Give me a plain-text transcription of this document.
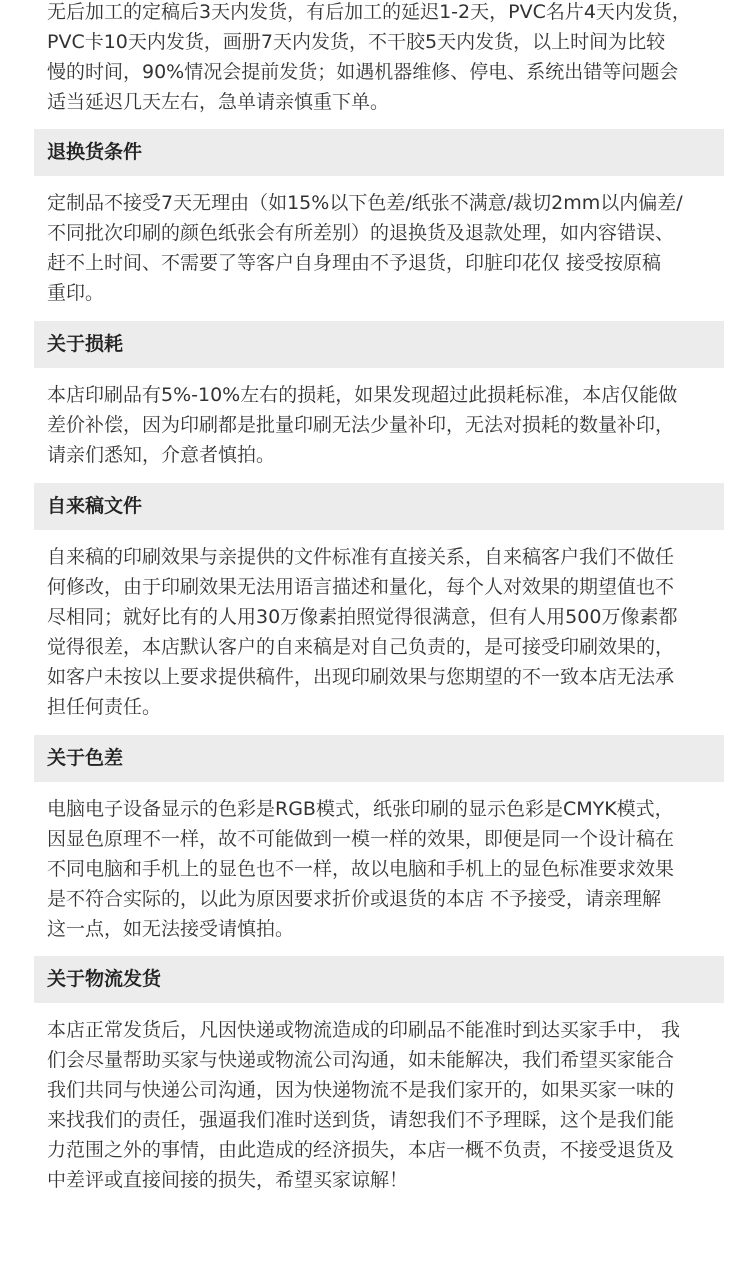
无后加工的定稿后3天内发货，有后加工的延迟1-2天，PVC名片4天内发货，
PVC卡10天内发货，画册7天内发货，不干胶5天内发货，以上时间为比较
慢的时间，90%情况会提前发货；如遇机器维修、停电、系统出错等问题会
适当延迟几天左右，急单请亲慎重下单。
退换货条件
定制品不接受7天无理由（如15%以下色差/纸张不满意/裁切2mm以内偏差/
不同批次印刷的颜色纸张会有所差别）的退换货及退款处理，如内容错误、
赶不上时间、不需要了等客户自身理由不予退货，印脏印花仅 接受按原稿
重印。
关于损耗
本店印刷品有5%-10%左右的损耗，如果发现超过此损耗标准，本店仅能做
差价补偿，因为印刷都是批量印刷无法少量补印，无法对损耗的数量补印，
请亲们悉知，介意者慎拍。
自来稿文件
自来稿的印刷效果与亲提供的文件标准有直接关系，自来稿客户我们不做任
何修改，由于印刷效果无法用语言描述和量化，每个人对效果的期望值也不
尽相同；就好比有的人用30万像素拍照觉得很满意，但有人用500万像素都
觉得很差，本店默认客户的自来稿是对自己负责的，是可接受印刷效果的，
如客户未按以上要求提供稿件，出现印刷效果与您期望的不一致本店无法承
担任何责任。
关于色差
电脑电子设备显示的色彩是RGB模式，纸张印刷的显示色彩是CMYK模式，
因显色原理不一样，故不可能做到一模一样的效果，即便是同一个设计稿在
不同电脑和手机上的显色也不一样，故以电脑和手机上的显色标准要求效果
是不符合实际的，以此为原因要求折价或退货的本店 不予接受，请亲理解
这一点，如无法接受请慎拍。
关于物流发货
本店正常发货后，凡因快递或物流造成的印刷品不能准时到达买家手中， 我
们会尽量帮助买家与快递或物流公司沟通，如未能解决，我们希望买家能合
我们共同与快递公司沟通，因为快递物流不是我们家开的，如果买家一味的
来找我们的责任，强逼我们准时送到货，请恕我们不予理睬，这个是我们能
力范围之外的事情，由此造成的经济损失，本店一概不负责，不接受退货及
中差评或直接间接的损失，希望买家谅解！
